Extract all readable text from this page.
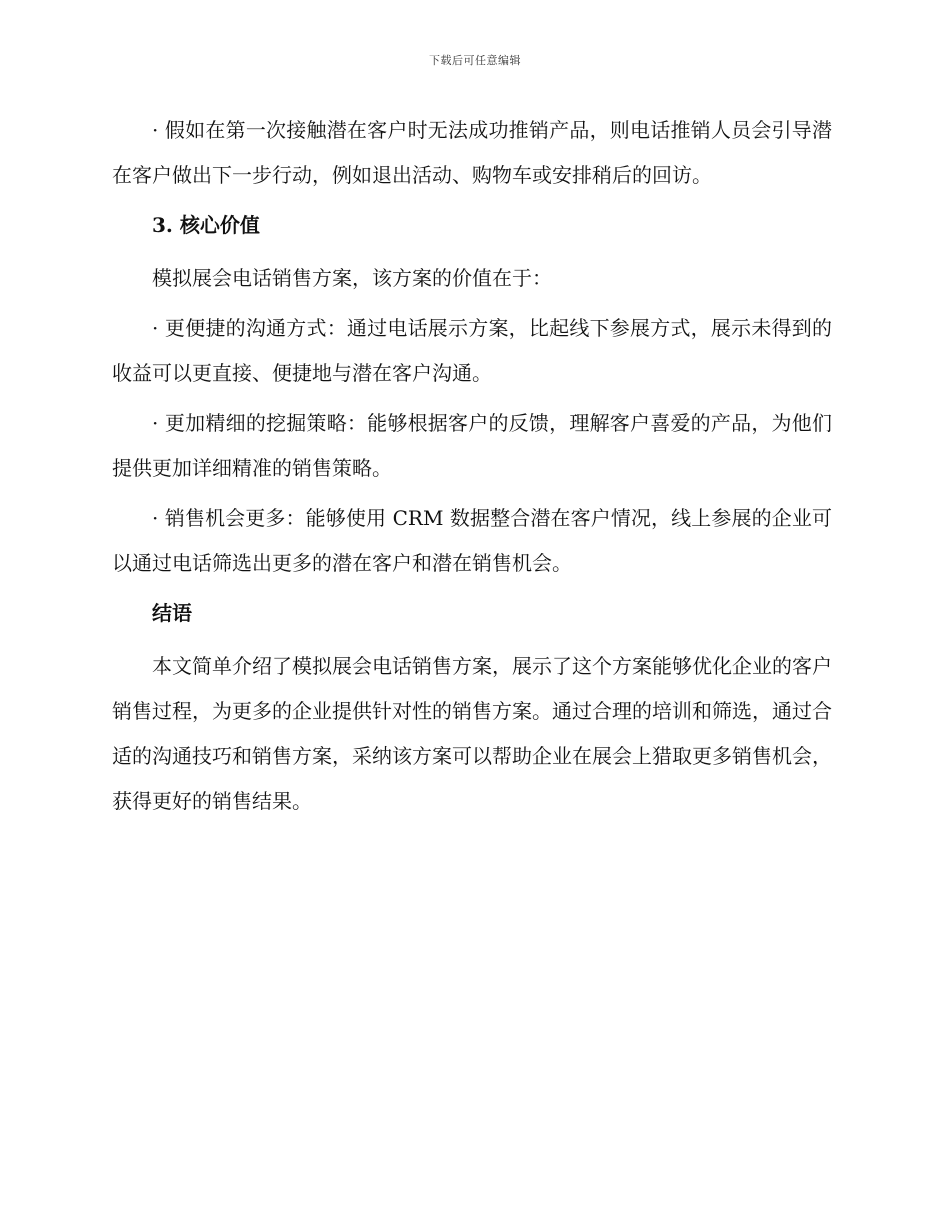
下载后可任意编辑

· 假如在第一次接触潜在客户时无法成功推销产品，则电话推销人员会引导潜在客户做出下一步行动，例如退出活动、购物车或安排稍后的回访。

3. 核心价值

模拟展会电话销售方案，该方案的价值在于：

· 更便捷的沟通方式：通过电话展示方案，比起线下参展方式，展示未得到的收益可以更直接、便捷地与潜在客户沟通。

· 更加精细的挖掘策略：能够根据客户的反馈，理解客户喜爱的产品，为他们提供更加详细精准的销售策略。

· 销售机会更多：能够使用 CRM 数据整合潜在客户情况，线上参展的企业可以通过电话筛选出更多的潜在客户和潜在销售机会。

结语

本文简单介绍了模拟展会电话销售方案，展示了这个方案能够优化企业的客户销售过程，为更多的企业提供针对性的销售方案。通过合理的培训和筛选，通过合适的沟通技巧和销售方案，采纳该方案可以帮助企业在展会上猎取更多销售机会，获得更好的销售结果。
